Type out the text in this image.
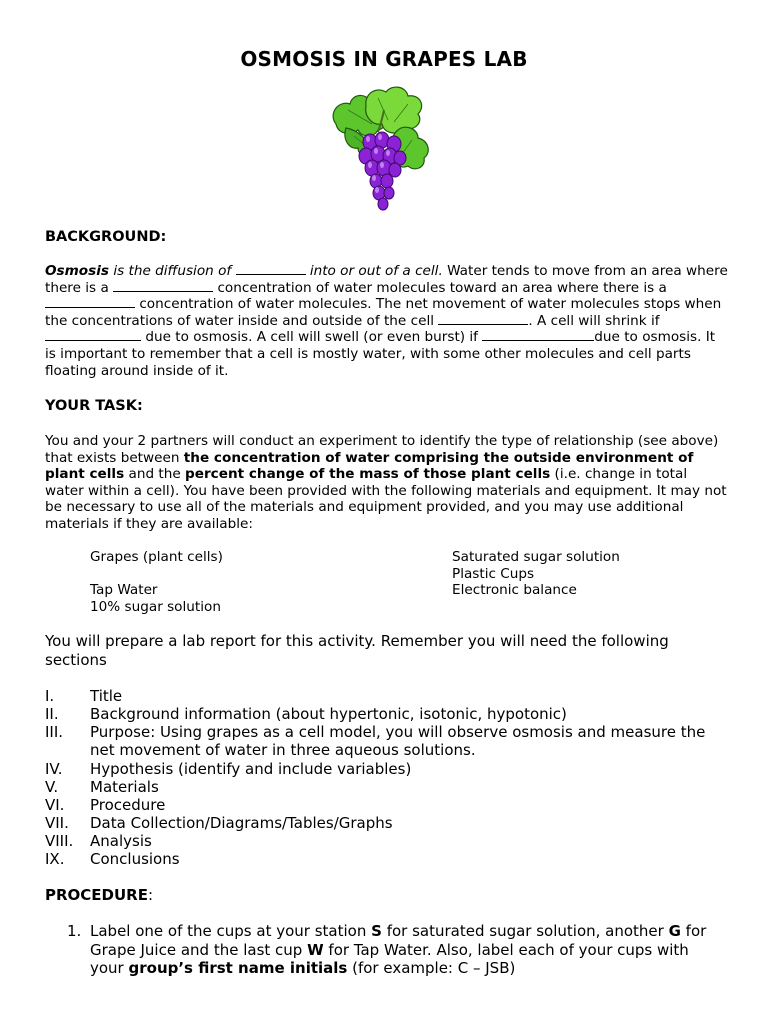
OSMOSIS IN GRAPES LAB
BACKGROUND:
Osmosis is the diffusion of	into or out of a cell. Water tends to move from an area where there is a	concentration of water molecules toward an area where there is a  concentration of water molecules. The net movement of water molecules stops when the concentrations of water inside and outside of the cell	. A cell will shrink if  due to osmosis. A cell will swell (or even burst) if	due to osmosis. It is important to remember that a cell is mostly water, with some other molecules and cell parts floating around inside of it.
YOUR TASK:
You and your 2 partners will conduct an experiment to identify the type of relationship (see above) that exists between the concentration of water comprising the outside environment of plant cells and the percent change of the mass of those plant cells (i.e. change in total water within a cell). You have been provided with the following materials and equipment. It may not be necessary to use all of the materials and equipment provided, and you may use additional materials if they are available:
Grapes (plant cells)
Tap Water
10% sugar solution
Saturated sugar solution
Plastic Cups
Electronic balance
You will prepare a lab report for this activity. Remember you will need the following sections
I. Title
II. Background information (about hypertonic, isotonic, hypotonic)
III. Purpose: Using grapes as a cell model, you will observe osmosis and measure the net movement of water in three aqueous solutions.
IV. Hypothesis (identify and include variables)
V. Materials
VI. Procedure
VII. Data Collection/Diagrams/Tables/Graphs
VIII. Analysis
IX. Conclusions
PROCEDURE:
1. Label one of the cups at your station S for saturated sugar solution, another G for Grape Juice and the last cup W for Tap Water. Also, label each of your cups with your group’s first name initials (for example: C – JSB)
